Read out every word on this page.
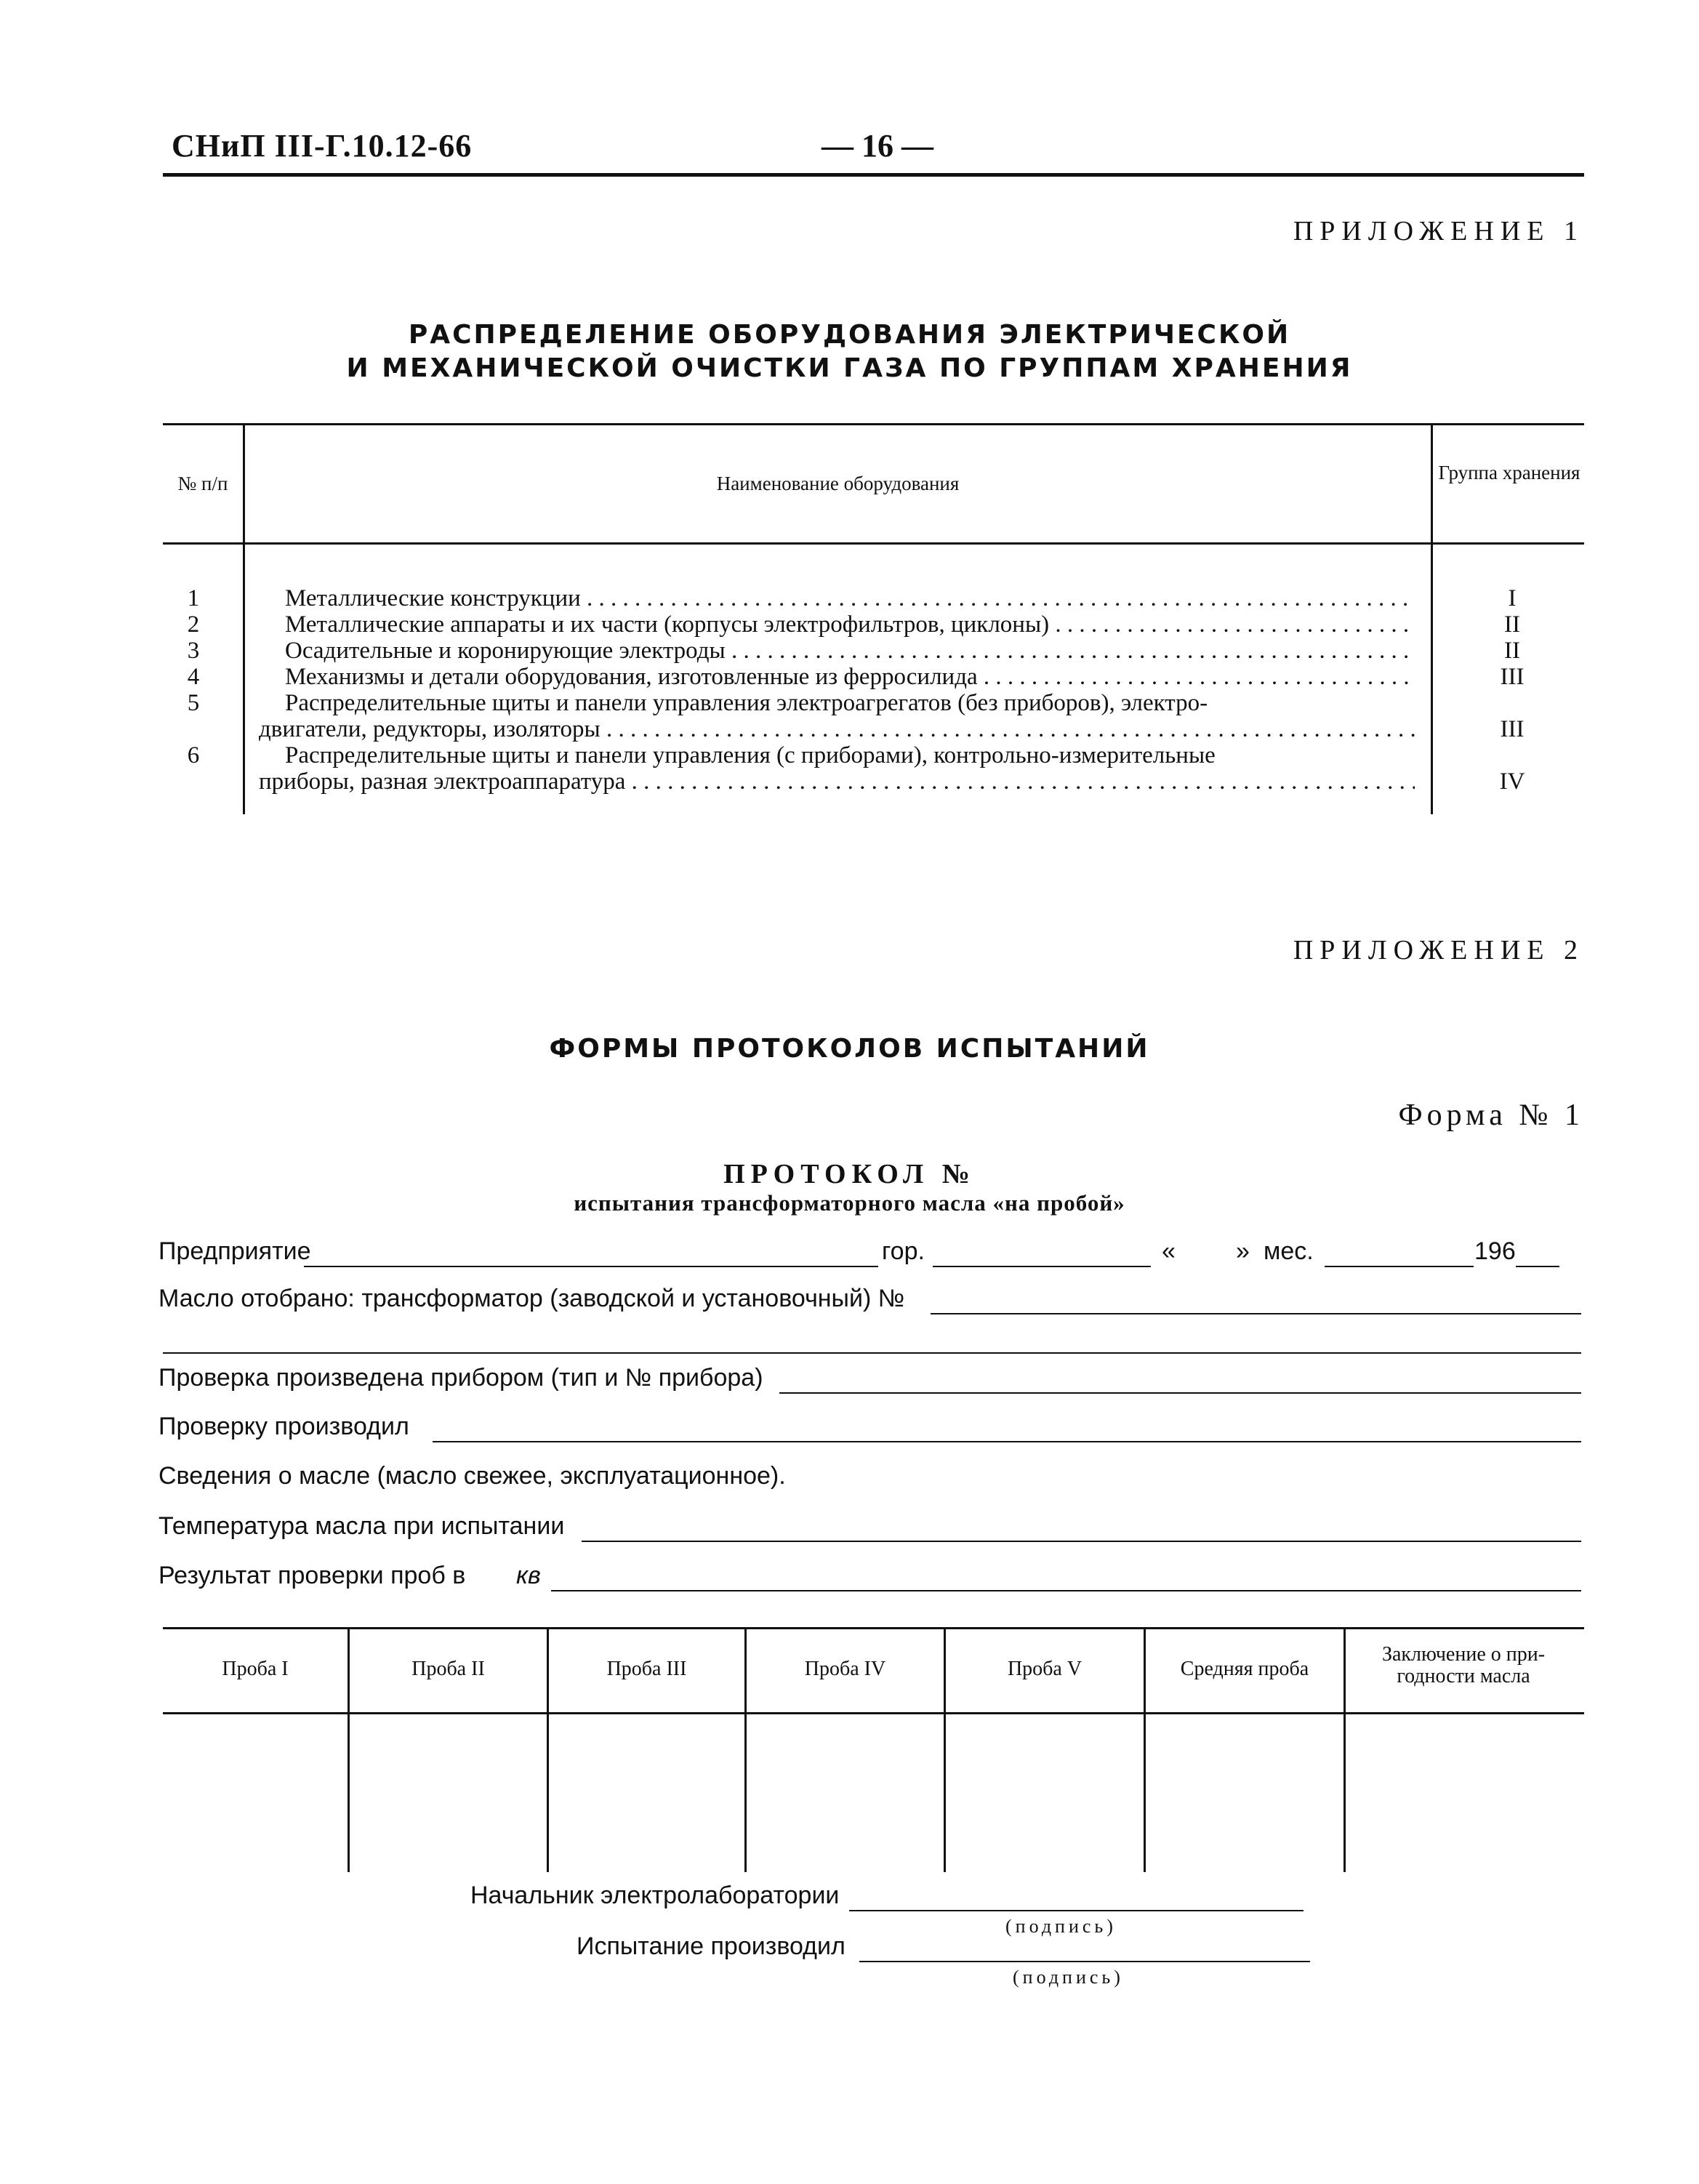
СНиП III-Г.10.12-66	— 16 —
ПРИЛОЖЕНИЕ 1
РАСПРЕДЕЛЕНИЕ ОБОРУДОВАНИЯ ЭЛЕКТРИЧЕСКОЙ
И МЕХАНИЧЕСКОЙ ОЧИСТКИ ГАЗА ПО ГРУППАМ ХРАНЕНИЯ
№ п/п	Наименование оборудования	Группа хранения
1	Металлические конструкции . . .	I
2	Металлические аппараты и их части (корпусы электрофильтров, циклоны) . . .	II
3	Осадительные и коронирующие электроды . . .	II
4	Механизмы и детали оборудования, изготовленные из ферросилида . . .	III
5	Распределительные щиты и панели управления электроагрегатов (без приборов), электро-
двигатели, редукторы, изоляторы . . .	III
6	Распределительные щиты и панели управления (с приборами), контрольно-измерительные
приборы, разная электроаппаратура . . .	IV
ПРИЛОЖЕНИЕ 2
ФОРМЫ ПРОТОКОЛОВ ИСПЫТАНИЙ
Форма № 1
ПРОТОКОЛ №
испытания трансформаторного масла «на пробой»
Предприятие	гор.	« » мес.	196
Масло отобрано: трансформатор (заводской и установочный) №
Проверка произведена прибором (тип и № прибора)
Проверку производил
Сведения о масле (масло свежее, эксплуатационное).
Температура масла при испытании
Результат проверки проб в кв
Проба I	Проба II	Проба III	Проба IV	Проба V	Средняя проба
Заключение о при-
годности масла
Начальник электролаборатории
(подпись)
Испытание производил
(подпись)
